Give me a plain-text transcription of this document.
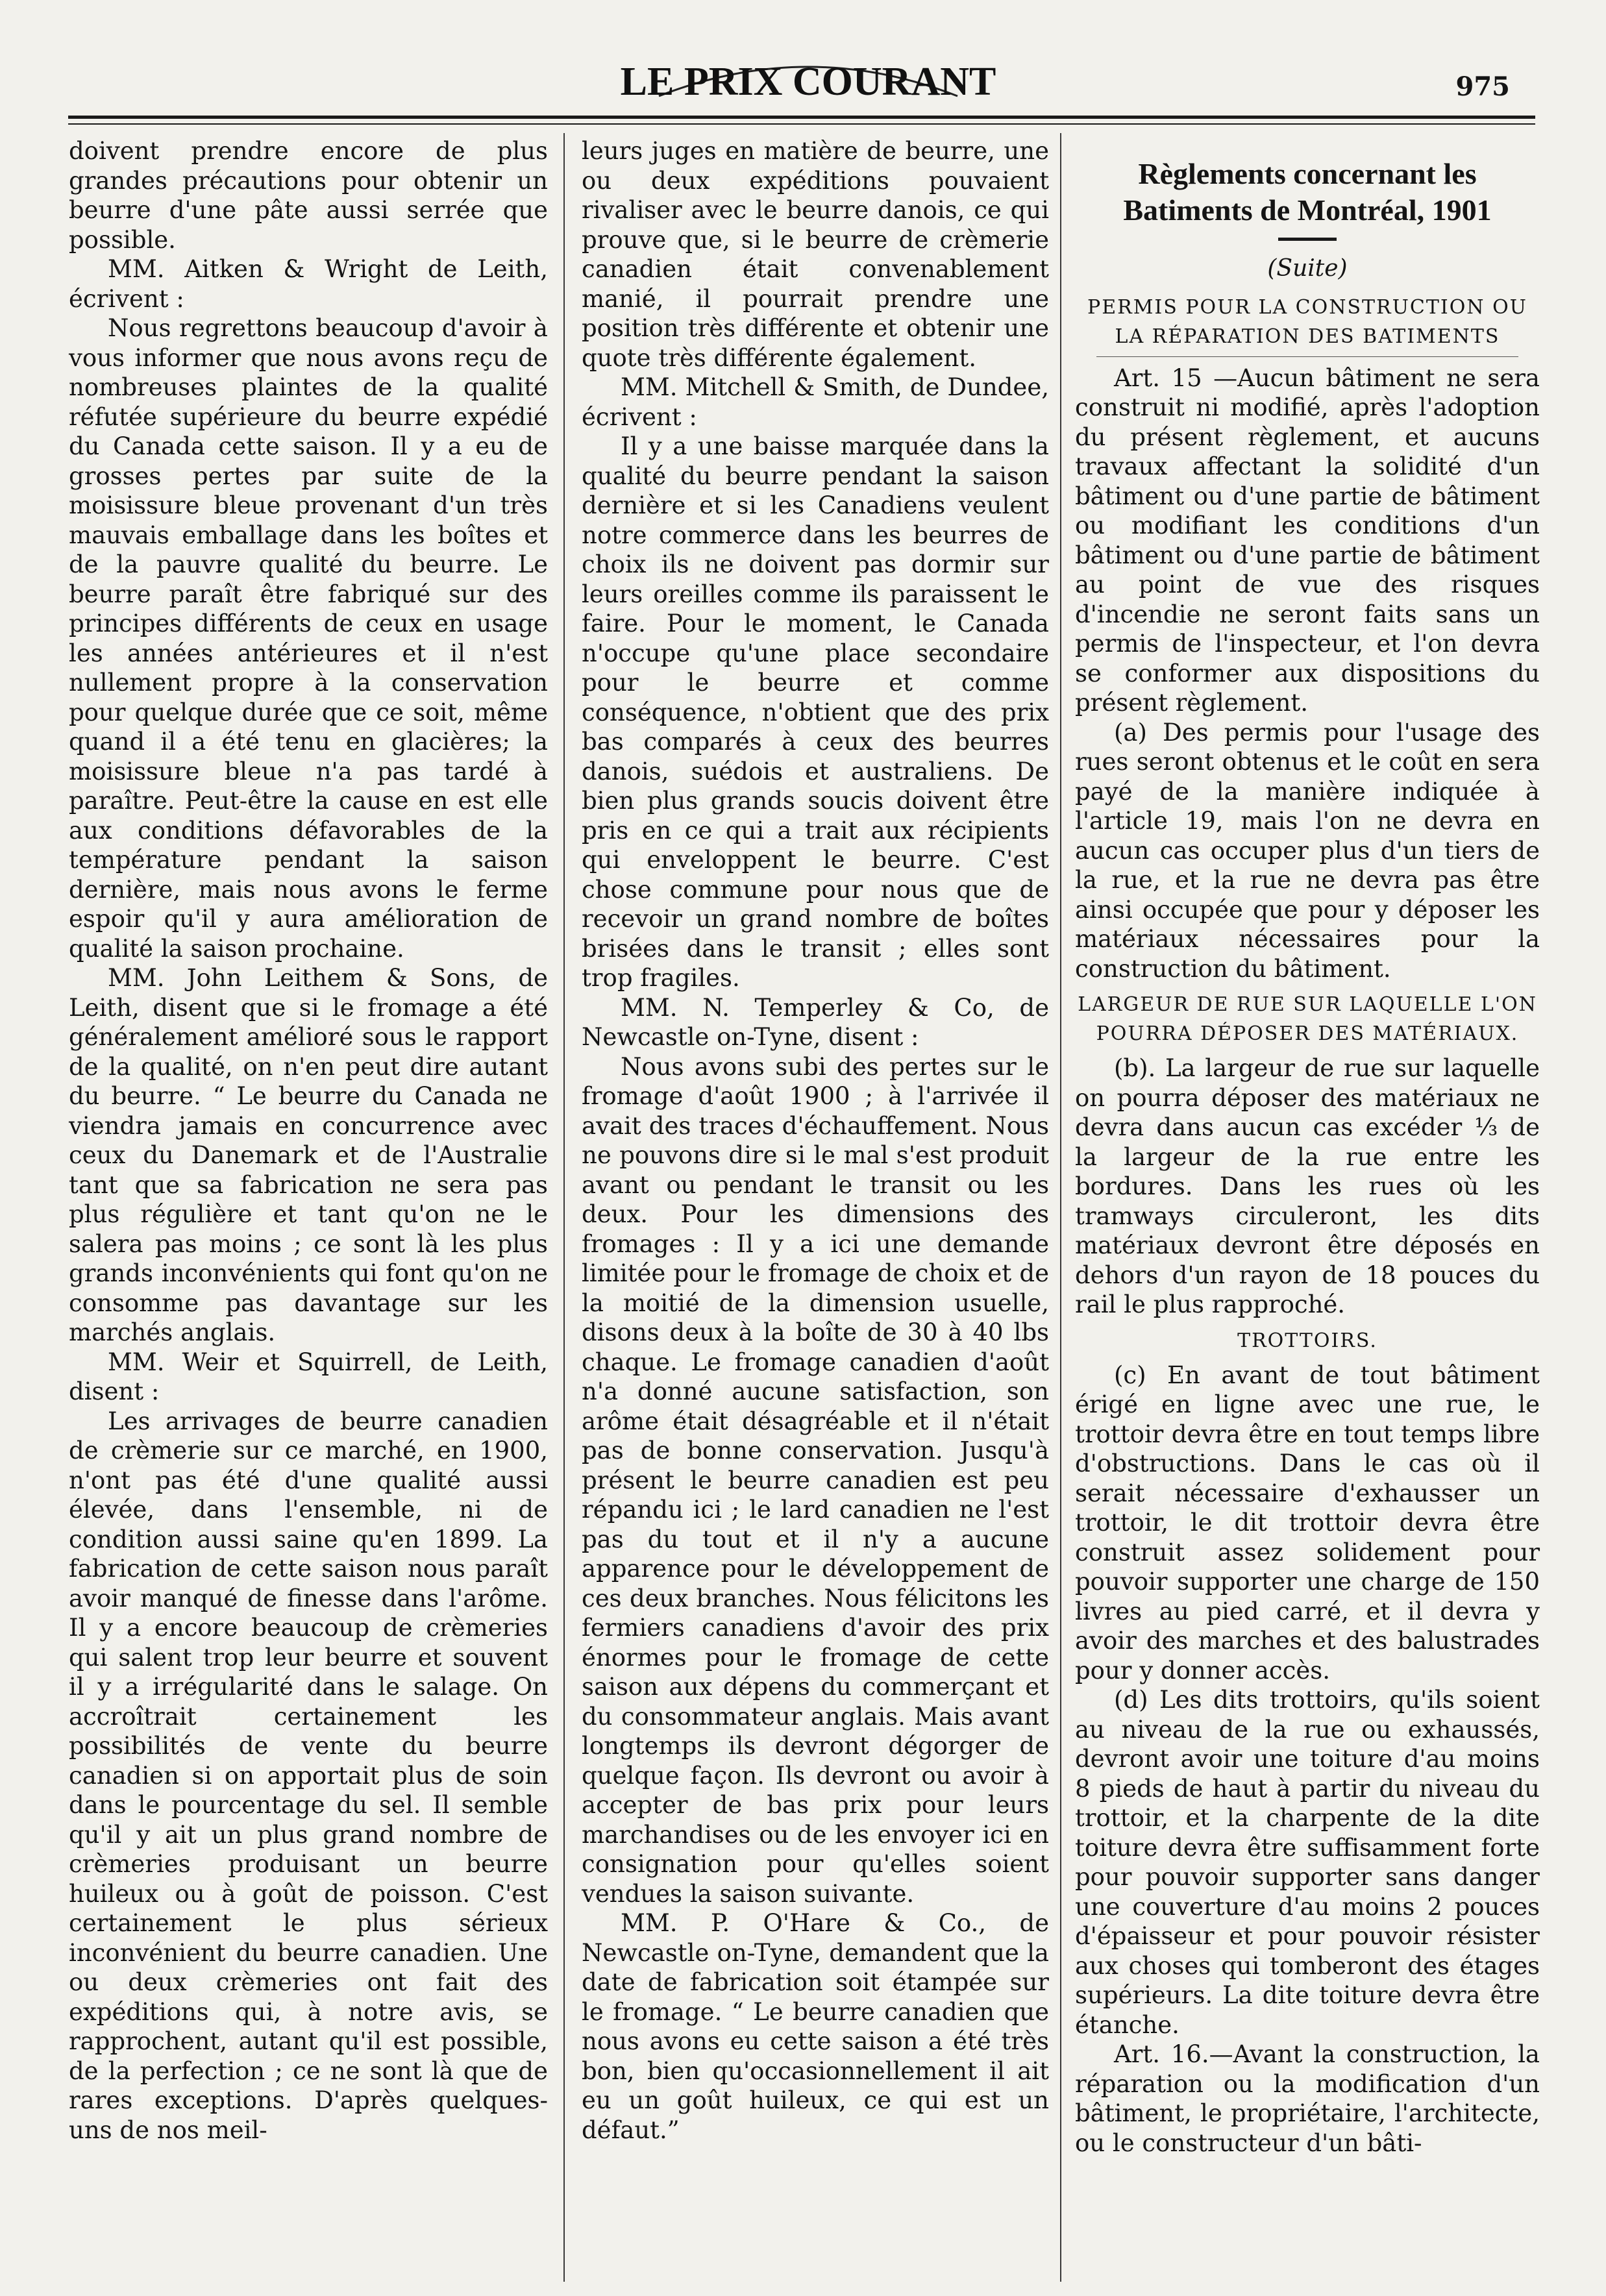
LE PRIX COURANT	975

doivent prendre encore de plus grandes précautions pour obtenir un beurre d'une pâte aussi serrée que possible.

MM. Aitken & Wright de Leith, écrivent :

Nous regrettons beaucoup d'avoir à vous informer que nous avons reçu de nombreuses plaintes de la qualité réfutée supérieure du beurre expédié du Canada cette saison. Il y a eu de grosses pertes par suite de la moisissure bleue provenant d'un très mauvais emballage dans les boîtes et de la pauvre qualité du beurre. Le beurre paraît être fabriqué sur des principes différents de ceux en usage les années antérieures et il n'est nullement propre à la conservation pour quelque durée que ce soit, même quand il a été tenu en glacières; la moisissure bleue n'a pas tardé à paraître. Peut-être la cause en est elle aux conditions défavorables de la température pendant la saison dernière, mais nous avons le ferme espoir qu'il y aura amélioration de qualité la saison prochaine.

MM. John Leithem & Sons, de Leith, disent que si le fromage a été généralement amélioré sous le rapport de la qualité, on n'en peut dire autant du beurre. “ Le beurre du Canada ne viendra jamais en concurrence avec ceux du Danemark et de l'Australie tant que sa fabrication ne sera pas plus régulière et tant qu'on ne le salera pas moins ; ce sont là les plus grands inconvénients qui font qu'on ne consomme pas davantage sur les marchés anglais.

MM. Weir et Squirrell, de Leith, disent :

Les arrivages de beurre canadien de crèmerie sur ce marché, en 1900, n'ont pas été d'une qualité aussi élevée, dans l'ensemble, ni de condition aussi saine qu'en 1899. La fabrication de cette saison nous paraît avoir manqué de finesse dans l'arôme. Il y a encore beaucoup de crèmeries qui salent trop leur beurre et souvent il y a irrégularité dans le salage. On accroîtrait certainement les possibilités de vente du beurre canadien si on apportait plus de soin dans le pourcentage du sel. Il semble qu'il y ait un plus grand nombre de crèmeries produisant un beurre huileux ou à goût de poisson. C'est certainement le plus sérieux inconvénient du beurre canadien. Une ou deux crèmeries ont fait des expéditions qui, à notre avis, se rapprochent, autant qu'il est possible, de la perfection ; ce ne sont là que de rares exceptions. D'après quelques-uns de nos meil-

leurs juges en matière de beurre, une ou deux expéditions pouvaient rivaliser avec le beurre danois, ce qui prouve que, si le beurre de crèmerie canadien était convenablement manié, il pourrait prendre une position très différente et obtenir une quote très différente également.

MM. Mitchell & Smith, de Dundee, écrivent :

Il y a une baisse marquée dans la qualité du beurre pendant la saison dernière et si les Canadiens veulent notre commerce dans les beurres de choix ils ne doivent pas dormir sur leurs oreilles comme ils paraissent le faire. Pour le moment, le Canada n'occupe qu'une place secondaire pour le beurre et comme conséquence, n'obtient que des prix bas comparés à ceux des beurres danois, suédois et australiens. De bien plus grands soucis doivent être pris en ce qui a trait aux récipients qui enveloppent le beurre. C'est chose commune pour nous que de recevoir un grand nombre de boîtes brisées dans le transit ; elles sont trop fragiles.

MM. N. Temperley & Co, de Newcastle on-Tyne, disent :

Nous avons subi des pertes sur le fromage d'août 1900 ; à l'arrivée il avait des traces d'échauffement. Nous ne pouvons dire si le mal s'est produit avant ou pendant le transit ou les deux. Pour les dimensions des fromages : Il y a ici une demande limitée pour le fromage de choix et de la moitié de la dimension usuelle, disons deux à la boîte de 30 à 40 lbs chaque. Le fromage canadien d'août n'a donné aucune satisfaction, son arôme était désagréable et il n'était pas de bonne conservation. Jusqu'à présent le beurre canadien est peu répandu ici ; le lard canadien ne l'est pas du tout et il n'y a aucune apparence pour le développement de ces deux branches. Nous félicitons les fermiers canadiens d'avoir des prix énormes pour le fromage de cette saison aux dépens du commerçant et du consommateur anglais. Mais avant longtemps ils devront dégorger de quelque façon. Ils devront ou avoir à accepter de bas prix pour leurs marchandises ou de les envoyer ici en consignation pour qu'elles soient vendues la saison suivante.

MM. P. O'Hare & Co., de Newcastle on-Tyne, demandent que la date de fabrication soit étampée sur le fromage. “ Le beurre canadien que nous avons eu cette saison a été très bon, bien qu'occasionnellement il ait eu un goût huileux, ce qui est un défaut.”

Règlements concernant les Batiments de Montréal, 1901
(Suite)
PERMIS POUR LA CONSTRUCTION OU LA RÉPARATION DES BATIMENTS

Art. 15 —Aucun bâtiment ne sera construit ni modifié, après l'adoption du présent règlement, et aucuns travaux affectant la solidité d'un bâtiment ou d'une partie de bâtiment ou modifiant les conditions d'un bâtiment ou d'une partie de bâtiment au point de vue des risques d'incendie ne seront faits sans un permis de l'inspecteur, et l'on devra se conformer aux dispositions du présent règlement.

(a) Des permis pour l'usage des rues seront obtenus et le coût en sera payé de la manière indiquée à l'article 19, mais l'on ne devra en aucun cas occuper plus d'un tiers de la rue, et la rue ne devra pas être ainsi occupée que pour y déposer les matériaux nécessaires pour la construction du bâtiment.

LARGEUR DE RUE SUR LAQUELLE L'ON POURRA DÉPOSER DES MATÉRIAUX.

(b). La largeur de rue sur laquelle on pourra déposer des matériaux ne devra dans aucun cas excéder ⅓ de la largeur de la rue entre les bordures. Dans les rues où les tramways circuleront, les dits matériaux devront être déposés en dehors d'un rayon de 18 pouces du rail le plus rapproché.

TROTTOIRS.

(c) En avant de tout bâtiment érigé en ligne avec une rue, le trottoir devra être en tout temps libre d'obstructions. Dans le cas où il serait nécessaire d'exhausser un trottoir, le dit trottoir devra être construit assez solidement pour pouvoir supporter une charge de 150 livres au pied carré, et il devra y avoir des marches et des balustrades pour y donner accès.

(d) Les dits trottoirs, qu'ils soient au niveau de la rue ou exhaussés, devront avoir une toiture d'au moins 8 pieds de haut à partir du niveau du trottoir, et la charpente de la dite toiture devra être suffisamment forte pour pouvoir supporter sans danger une couverture d'au moins 2 pouces d'épaisseur et pour pouvoir résister aux choses qui tomberont des étages supérieurs. La dite toiture devra être étanche.

Art. 16.—Avant la construction, la réparation ou la modification d'un bâtiment, le propriétaire, l'architecte, ou le constructeur d'un bâti-
